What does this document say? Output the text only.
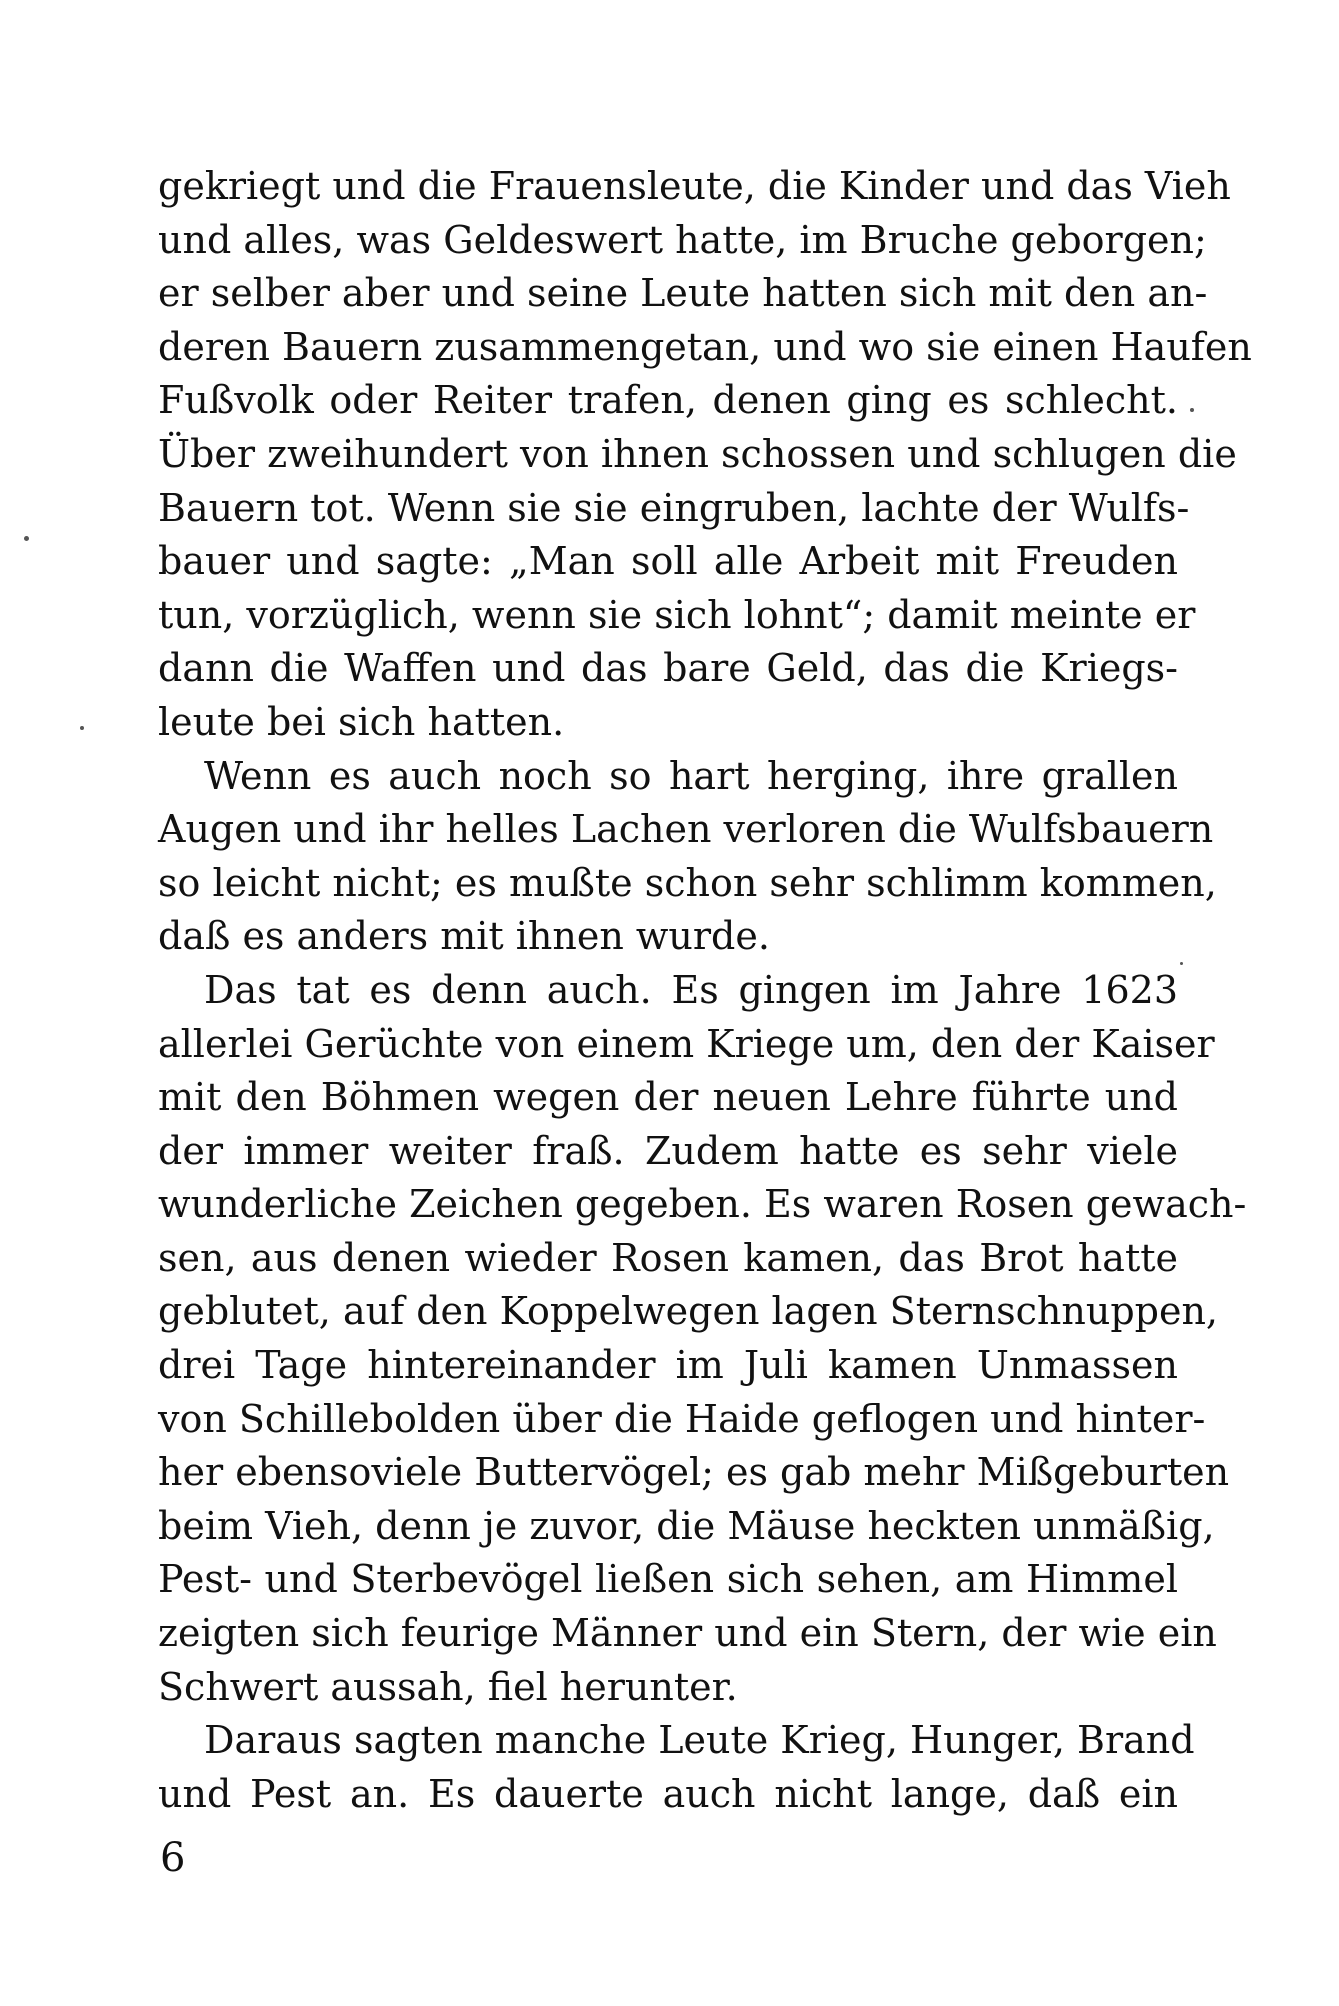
gekriegt und die Frauensleute, die Kinder und das Vieh
und alles, was Geldeswert hatte, im Bruche geborgen;
er selber aber und seine Leute hatten sich mit den an-
deren Bauern zusammengetan, und wo sie einen Haufen
Fußvolk oder Reiter trafen, denen ging es schlecht.
Über zweihundert von ihnen schossen und schlugen die
Bauern tot. Wenn sie sie eingruben, lachte der Wulfs-
bauer und sagte: „Man soll alle Arbeit mit Freuden
tun, vorzüglich, wenn sie sich lohnt“; damit meinte er
dann die Waffen und das bare Geld, das die Kriegs-
leute bei sich hatten.
Wenn es auch noch so hart herging, ihre grallen
Augen und ihr helles Lachen verloren die Wulfsbauern
so leicht nicht; es mußte schon sehr schlimm kommen,
daß es anders mit ihnen wurde.
Das tat es denn auch. Es gingen im Jahre 1623
allerlei Gerüchte von einem Kriege um, den der Kaiser
mit den Böhmen wegen der neuen Lehre führte und
der immer weiter fraß. Zudem hatte es sehr viele
wunderliche Zeichen gegeben. Es waren Rosen gewach-
sen, aus denen wieder Rosen kamen, das Brot hatte
geblutet, auf den Koppelwegen lagen Sternschnuppen,
drei Tage hintereinander im Juli kamen Unmassen
von Schillebolden über die Haide geflogen und hinter-
her ebensoviele Buttervögel; es gab mehr Mißgeburten
beim Vieh, denn je zuvor, die Mäuse heckten unmäßig,
Pest- und Sterbevögel ließen sich sehen, am Himmel
zeigten sich feurige Männer und ein Stern, der wie ein
Schwert aussah, fiel herunter.
Daraus sagten manche Leute Krieg, Hunger, Brand
und Pest an. Es dauerte auch nicht lange, daß ein
6
